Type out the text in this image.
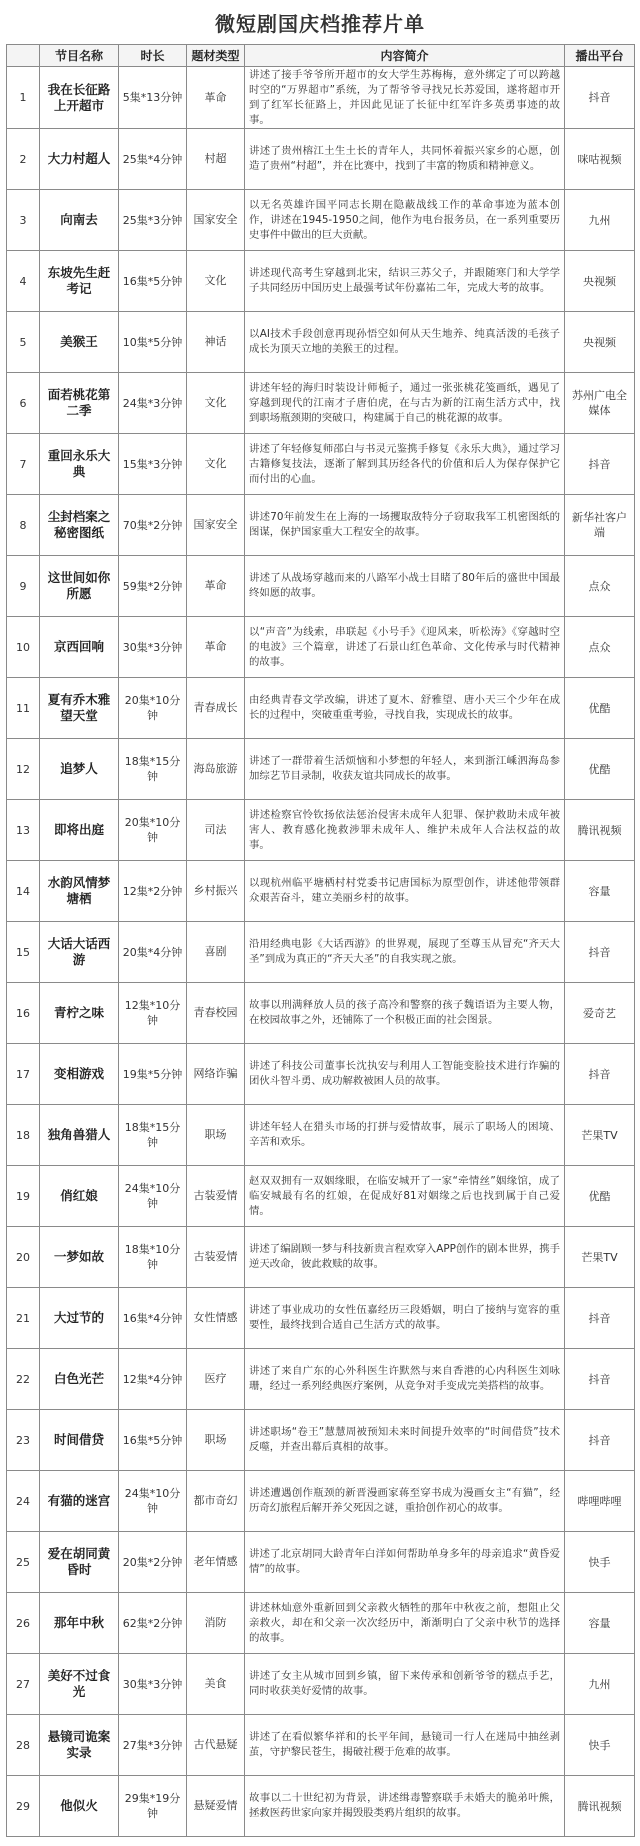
微短剧国庆档推荐片单
	节目名称	时长	题材类型	内容简介	播出平台
1	我在长征路上开超市	5集*13分钟	革命	讲述了接手爷爷所开超市的女大学生苏梅梅，意外绑定了可以跨越时空的“万界超市”系统，为了帮爷爷寻找兄长苏爱国，遂将超市开到了红军长征路上，并因此见证了长征中红军许多英勇事迹的故事。	抖音
2	大力村超人	25集*4分钟	村超	讲述了贵州榕江土生土长的青年人，共同怀着振兴家乡的心愿，创造了贵州“村超”，并在比赛中，找到了丰富的物质和精神意义。	咪咕视频
3	向南去	25集*3分钟	国家安全	以无名英雄许国平同志长期在隐蔽战线工作的革命事迹为蓝本创作，讲述在1945-1950之间，他作为电台报务员，在一系列重要历史事件中做出的巨大贡献。	九州
4	东坡先生赶考记	16集*5分钟	文化	讲述现代高考生穿越到北宋，结识三苏父子，并跟随寒门和大学学子共同经历中国历史上最强考试年份嘉祐二年，完成大考的故事。	央视频
5	美猴王	10集*5分钟	神话	以AI技术手段创意再现孙悟空如何从天生地养、纯真活泼的毛孩子成长为顶天立地的美猴王的过程。	央视频
6	面若桃花第二季	24集*3分钟	文化	讲述年轻的海归时装设计师栀子，通过一张张桃花笺画纸，遇见了穿越到现代的江南才子唐伯虎，在与古为新的江南生活方式中，找到职场瓶颈期的突破口，构建属于自己的桃花源的故事。	苏州广电全媒体
7	重回永乐大典	15集*3分钟	文化	讲述了年轻修复师邵白与书灵元鉴携手修复《永乐大典》，通过学习古籍修复技法，逐渐了解到其历经各代的价值和后人为保存保护它而付出的心血。	抖音
8	尘封档案之秘密图纸	70集*2分钟	国家安全	讲述70年前发生在上海的一场攫取敌特分子窃取我军工机密图纸的图谋，保护国家重大工程安全的故事。	新华社客户端
9	这世间如你所愿	59集*2分钟	革命	讲述了从战场穿越而来的八路军小战士目睹了80年后的盛世中国最终如愿的故事。	点众
10	京西回响	30集*3分钟	革命	以“声音”为线索，串联起《小号手》《迎风来，听松涛》《穿越时空的电波》三个篇章，讲述了石景山红色革命、文化传承与时代精神的故事。	点众
11	夏有乔木雅望天堂	20集*10分钟	青春成长	由经典青春文学改编，讲述了夏木、舒雅望、唐小天三个少年在成长的过程中，突破重重考验，寻找自我，实现成长的故事。	优酷
12	追梦人	18集*15分钟	海岛旅游	讲述了一群带着生活烦恼和小梦想的年轻人，来到浙江嵊泗海岛参加综艺节目录制，收获友谊共同成长的故事。	优酷
13	即将出庭	20集*10分钟	司法	讲述检察官怜钦扬依法惩治侵害未成年人犯罪、保护救助未成年被害人、教育感化挽救涉罪未成年人、维护未成年人合法权益的故事。	腾讯视频
14	水韵风情梦塘栖	12集*2分钟	乡村振兴	以现杭州临平塘栖村村党委书记唐国标为原型创作，讲述他带领群众艰苦奋斗，建立美丽乡村的故事。	容量
15	大话大话西游	20集*4分钟	喜剧	沿用经典电影《大话西游》的世界观，展现了至尊玉从冒充“齐天大圣”到成为真正的“齐天大圣”的自我实现之旅。	抖音
16	青柠之味	12集*10分钟	青春校园	故事以刑满释放人员的孩子高冷和警察的孩子魏语语为主要人物，在校园故事之外，还铺陈了一个积极正面的社会图景。	爱奇艺
17	变相游戏	19集*5分钟	网络诈骗	讲述了科技公司董事长沈执安与利用人工智能变脸技术进行诈骗的团伙斗智斗勇、成功解救被困人员的故事。	抖音
18	独角兽猎人	18集*15分钟	职场	讲述年轻人在猎头市场的打拼与爱情故事，展示了职场人的困境、辛苦和欢乐。	芒果TV
19	俏红娘	24集*10分钟	古装爱情	赵双双拥有一双姻缘眼，在临安城开了一家“牵情丝”姻缘馆，成了临安城最有名的红娘，在促成好81对姻缘之后也找到属于自己爱情。	优酷
20	一梦如故	18集*10分钟	古装爱情	讲述了编剧顾一梦与科技新贵言程欢穿入APP创作的剧本世界，携手逆天改命，彼此救赎的故事。	芒果TV
21	大过节的	16集*4分钟	女性情感	讲述了事业成功的女性伍嘉经历三段婚姻，明白了接纳与宽容的重要性，最终找到合适自己生活方式的故事。	抖音
22	白色光芒	12集*4分钟	医疗	讲述了来自广东的心外科医生许默然与来自香港的心内科医生刘咏珊，经过一系列经典医疗案例，从竞争对手变成完美搭档的故事。	抖音
23	时间借贷	16集*5分钟	职场	讲述职场“卷王”慧慧周被预知未来时间提升效率的“时间借贷”技术反噬，并查出幕后真相的故事。	抖音
24	有猫的迷宫	24集*10分钟	都市奇幻	讲述遭遇创作瓶颈的新晋漫画家蒋至穿书成为漫画女主“有猫”，经历奇幻旅程后解开养父死因之谜，重拾创作初心的故事。	哔哩哔哩
25	爱在胡同黄昏时	20集*2分钟	老年情感	讲述了北京胡同大龄青年白洋如何帮助单身多年的母亲追求“黄昏爱情”的故事。	快手
26	那年中秋	62集*2分钟	消防	讲述林灿意外重新回到父亲救火牺牲的那年中秋夜之前，想阻止父亲救火，却在和父亲一次次经历中，渐渐明白了父亲中秋节的选择的故事。	容量
27	美好不过食光	30集*3分钟	美食	讲述了女主从城市回到乡镇，留下来传承和创新爷爷的糕点手艺，同时收获美好爱情的故事。	九州
28	悬镜司诡案实录	27集*3分钟	古代悬疑	讲述了在看似繁华祥和的长平年间，悬镜司一行人在迷局中抽丝剥茧，守护黎民苍生，揭破社稷于危难的故事。	快手
29	他似火	29集*19分钟	悬疑爱情	故事以二十世纪初为背景，讲述缉毒警察联手未婚夫的脆弟叶熊，拯救医药世家向家并揭毁股类鸦片组织的故事。	腾讯视频
